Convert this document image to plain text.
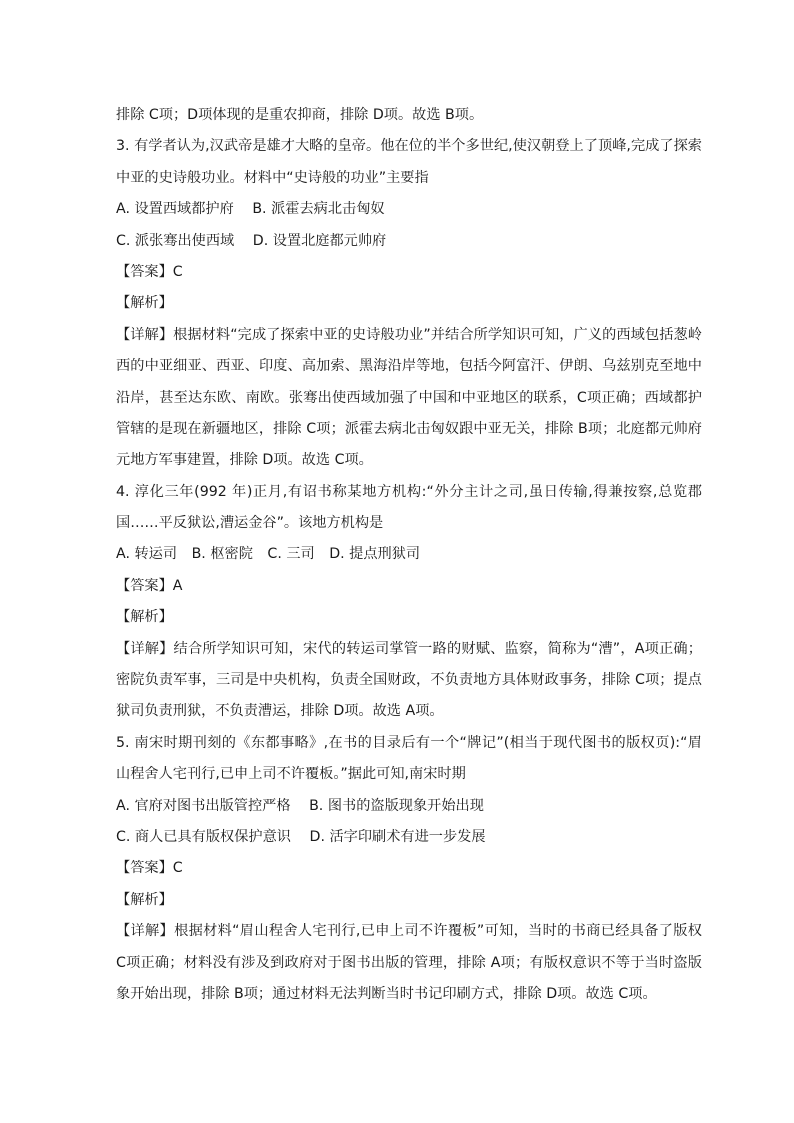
排除 C项；D项体现的是重农抑商，排除 D项。故选 B项。
3. 有学者认为,汉武帝是雄才大略的皇帝。他在位的半个多世纪,使汉朝登上了顶峰,完成了探索
中亚的史诗般功业。材料中“史诗般的功业”主要指
A. 设置西域都护府 B. 派霍去病北击匈奴
C. 派张骞出使西域 D. 设置北庭都元帅府
【答案】C
【解析】
【详解】根据材料“完成了探索中亚的史诗般功业”并结合所学知识可知，广义的西域包括葱岭
西的中亚细亚、西亚、印度、高加索、黑海沿岸等地，包括今阿富汗、伊朗、乌兹别克至地中
沿岸，甚至达东欧、南欧。张骞出使西域加强了中国和中亚地区的联系，C项正确；西域都护
管辖的是现在新疆地区，排除 C项；派霍去病北击匈奴跟中亚无关，排除 B项；北庭都元帅府
元地方军事建置，排除 D项。故选 C项。
4. 淳化三年(992 年)正月,有诏书称某地方机构:“外分主计之司,虽日传输,得兼按察,总览郡
国……平反狱讼,漕运金谷”。该地方机构是
A. 转运司 B. 枢密院 C. 三司 D. 提点刑狱司
【答案】A
【解析】
【详解】结合所学知识可知，宋代的转运司掌管一路的财赋、监察，简称为“漕”，A项正确；
密院负责军事，三司是中央机构，负责全国财政，不负责地方具体财政事务，排除 C项；提点
狱司负责刑狱，不负责漕运，排除 D项。故选 A项。
5. 南宋时期刊刻的《东都事略》,在书的目录后有一个“牌记”(相当于现代图书的版权页):“眉
山程舍人宅刊行,已申上司不许覆板。”据此可知,南宋时期
A. 官府对图书出版管控严格 B. 图书的盗版现象开始出现
C. 商人已具有版权保护意识 D. 活字印刷术有进一步发展
【答案】C
【解析】
【详解】根据材料“眉山程舍人宅刊行,已申上司不许覆板”可知，当时的书商已经具备了版权
C项正确；材料没有涉及到政府对于图书出版的管理，排除 A项；有版权意识不等于当时盗版
象开始出现，排除 B项；通过材料无法判断当时书记印刷方式，排除 D项。故选 C项。
